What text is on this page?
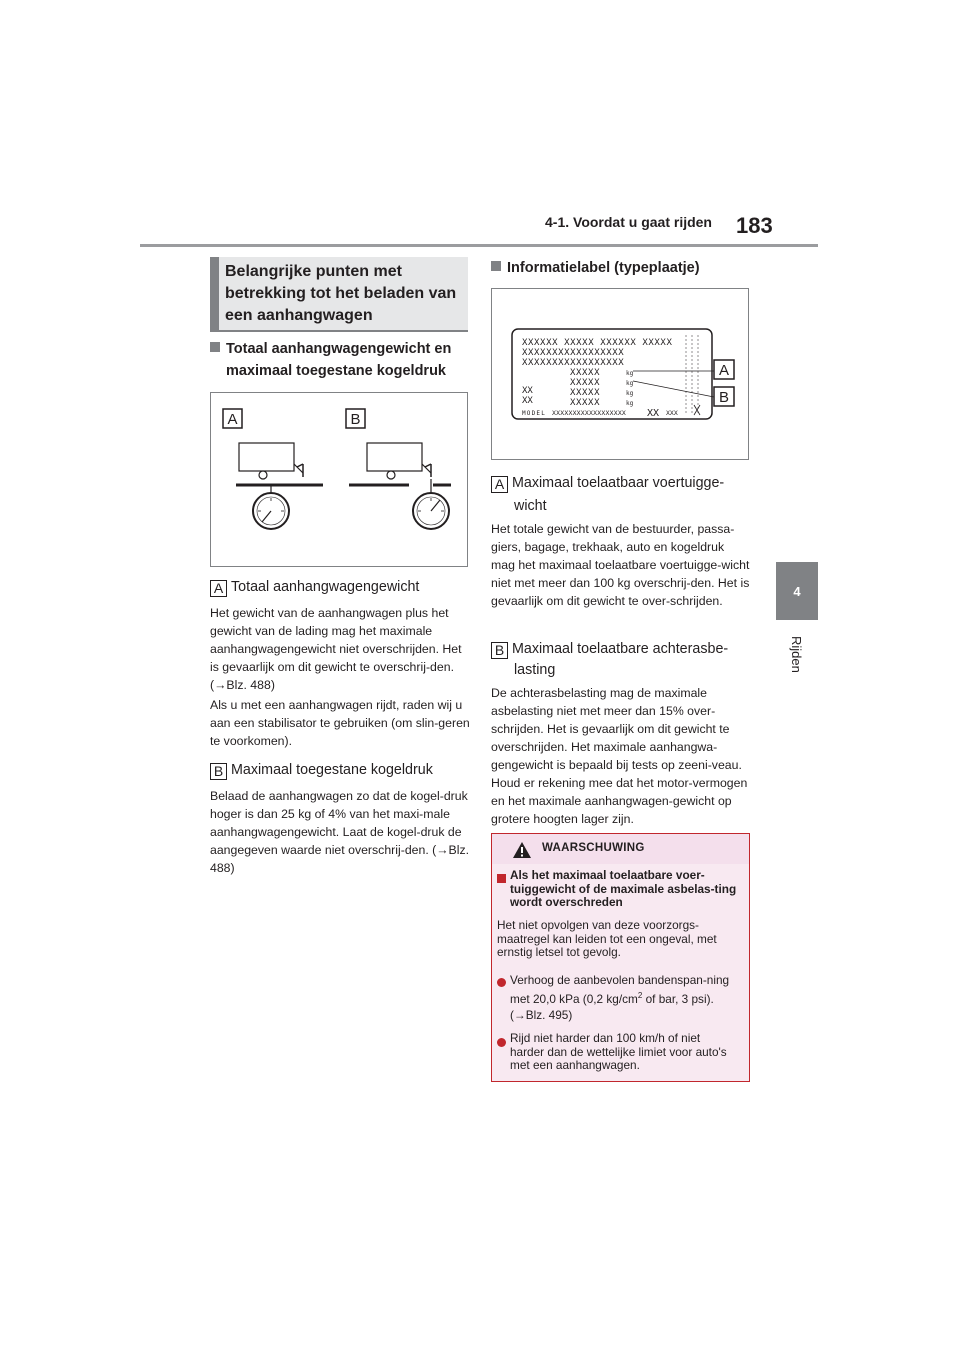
4-1. Voordat u gaat rijden 183
4
Rijden
Belangrijke punten met betrekking tot het beladen van een aanhangwagen
	Totaal aanhangwagengewicht en maximaal toegestane kogeldruk
A	B
A Totaal aanhangwagengewicht
Het gewicht van de aanhangwagen plus het gewicht van de lading mag het maximale aanhangwagengewicht niet overschrijden. Het is gevaarlijk om dit gewicht te overschrij-den. (→Blz. 488)
Als u met een aanhangwagen rijdt, raden wij u aan een stabilisator te gebruiken (om slin-geren te voorkomen).
B Maximaal toegestane kogeldruk
Belaad de aanhangwagen zo dat de kogel-druk hoger is dan 25 kg of 4% van het maxi-male aanhangwagengewicht. Laat de kogel-druk de aangegeven waarde niet overschrij-den. (→Blz. 488)
Informatielabel (typeplaatje)
XXXXXX XXXXX XXXXXX XXXXX
XXXXXXXXXXXXXXXXX
XXXXXXXXXXXXXXXXX
XXXXX
XXXXX
XXXXX
XXXXX
kg
kg
kg
kg
XX
XX
MODEL XXXXXXXXXXXXXXXXXX XX XXX
A
B
A Maximaal toelaatbaar voertuigge-
wicht
Het totale gewicht van de bestuurder, passa-giers, bagage, trekhaak, auto en kogeldruk mag het maximaal toelaatbare voertuigge-wicht niet met meer dan 100 kg overschrij-den. Het is gevaarlijk om dit gewicht te over-schrijden.
B Maximaal toelaatbare achterasbe-
lasting
De achterasbelasting mag de maximale asbelasting niet met meer dan 15% over-schrijden. Het is gevaarlijk om dit gewicht te overschrijden. Het maximale aanhangwa-gengewicht is bepaald bij tests op zeeni-veau. Houd er rekening mee dat het motor-vermogen en het maximale aanhangwagen-gewicht op grotere hoogten lager zijn.
WAARSCHUWING
	Als het maximaal toelaatbare voer-tuiggewicht of de maximale asbelas-ting wordt overschreden
Het niet opvolgen van deze voorzorgs-maatregel kan leiden tot een ongeval, met ernstig letsel tot gevolg.
	Verhoog de aanbevolen bandenspan-ning met 20,0 kPa (0,2 $kg/cm^2$ of bar, 3 psi). (→Blz. 495)
	Rijd niet harder dan 100 km/h of niet harder dan de wettelijke limiet voor auto's met een aanhangwagen.
